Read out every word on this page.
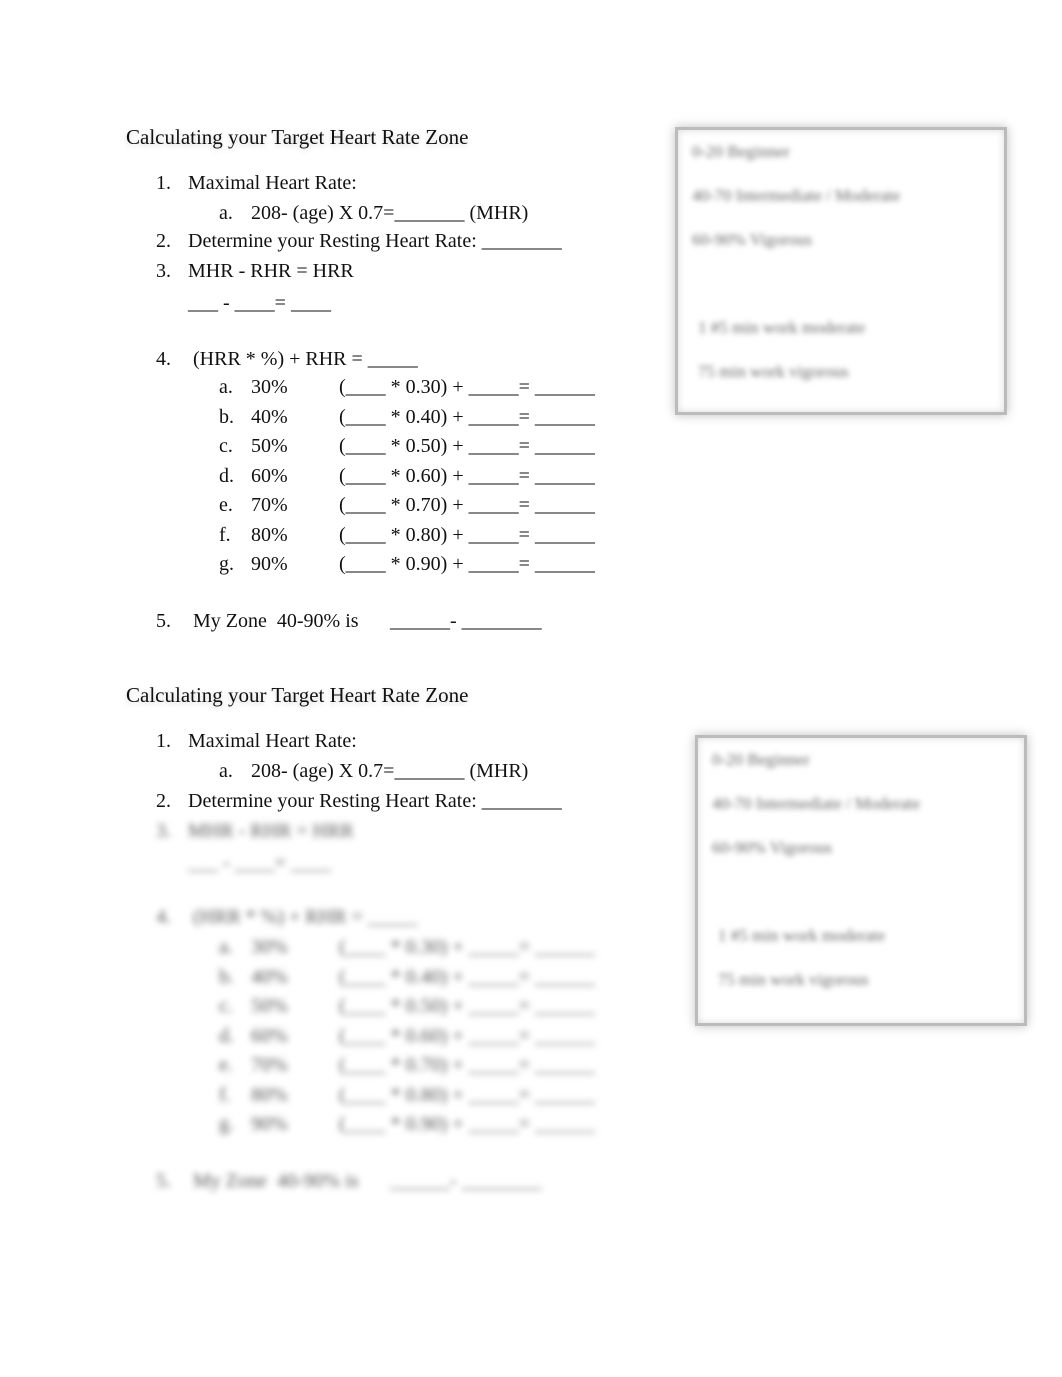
Calculating your Target Heart Rate Zone
1. Maximal Heart Rate:
a. 208- (age) X 0.7=_______ (MHR)
2. Determine your Resting Heart Rate: ________
3. MHR - RHR = HRR
___ - ____= ____
4. (HRR * %) + RHR = _____
a. 30%	(____ * 0.30) + _____= ______
b. 40%	(____ * 0.40) + _____= ______
c. 50%	(____ * 0.50) + _____= ______
d. 60%	(____ * 0.60) + _____= ______
e. 70%	(____ * 0.70) + _____= ______
f. 80%	(____ * 0.80) + _____= ______
g. 90%	(____ * 0.90) + _____= ______
5. My Zone  40-90% is ______- ________
0-20 Beginner
40-70 Intermediate / Moderate
60-90% Vigorous
1 #5 min work moderate
75 min work vigorous
Calculating your Target Heart Rate Zone
1. Maximal Heart Rate:
a. 208- (age) X 0.7=_______ (MHR)
2. Determine your Resting Heart Rate: ________
3. MHR - RHR = HRR
___ - ____= ____
4. (HRR * %) + RHR = _____
a. 30%	(____ * 0.30) + _____= ______
b. 40%	(____ * 0.40) + _____= ______
c. 50%	(____ * 0.50) + _____= ______
d. 60%	(____ * 0.60) + _____= ______
e. 70%	(____ * 0.70) + _____= ______
f. 80%	(____ * 0.80) + _____= ______
g. 90%	(____ * 0.90) + _____= ______
5. My Zone  40-90% is ______- ________
0-20 Beginner
40-70 Intermediate / Moderate
60-90% Vigorous
1 #5 min work moderate
75 min work vigorous
